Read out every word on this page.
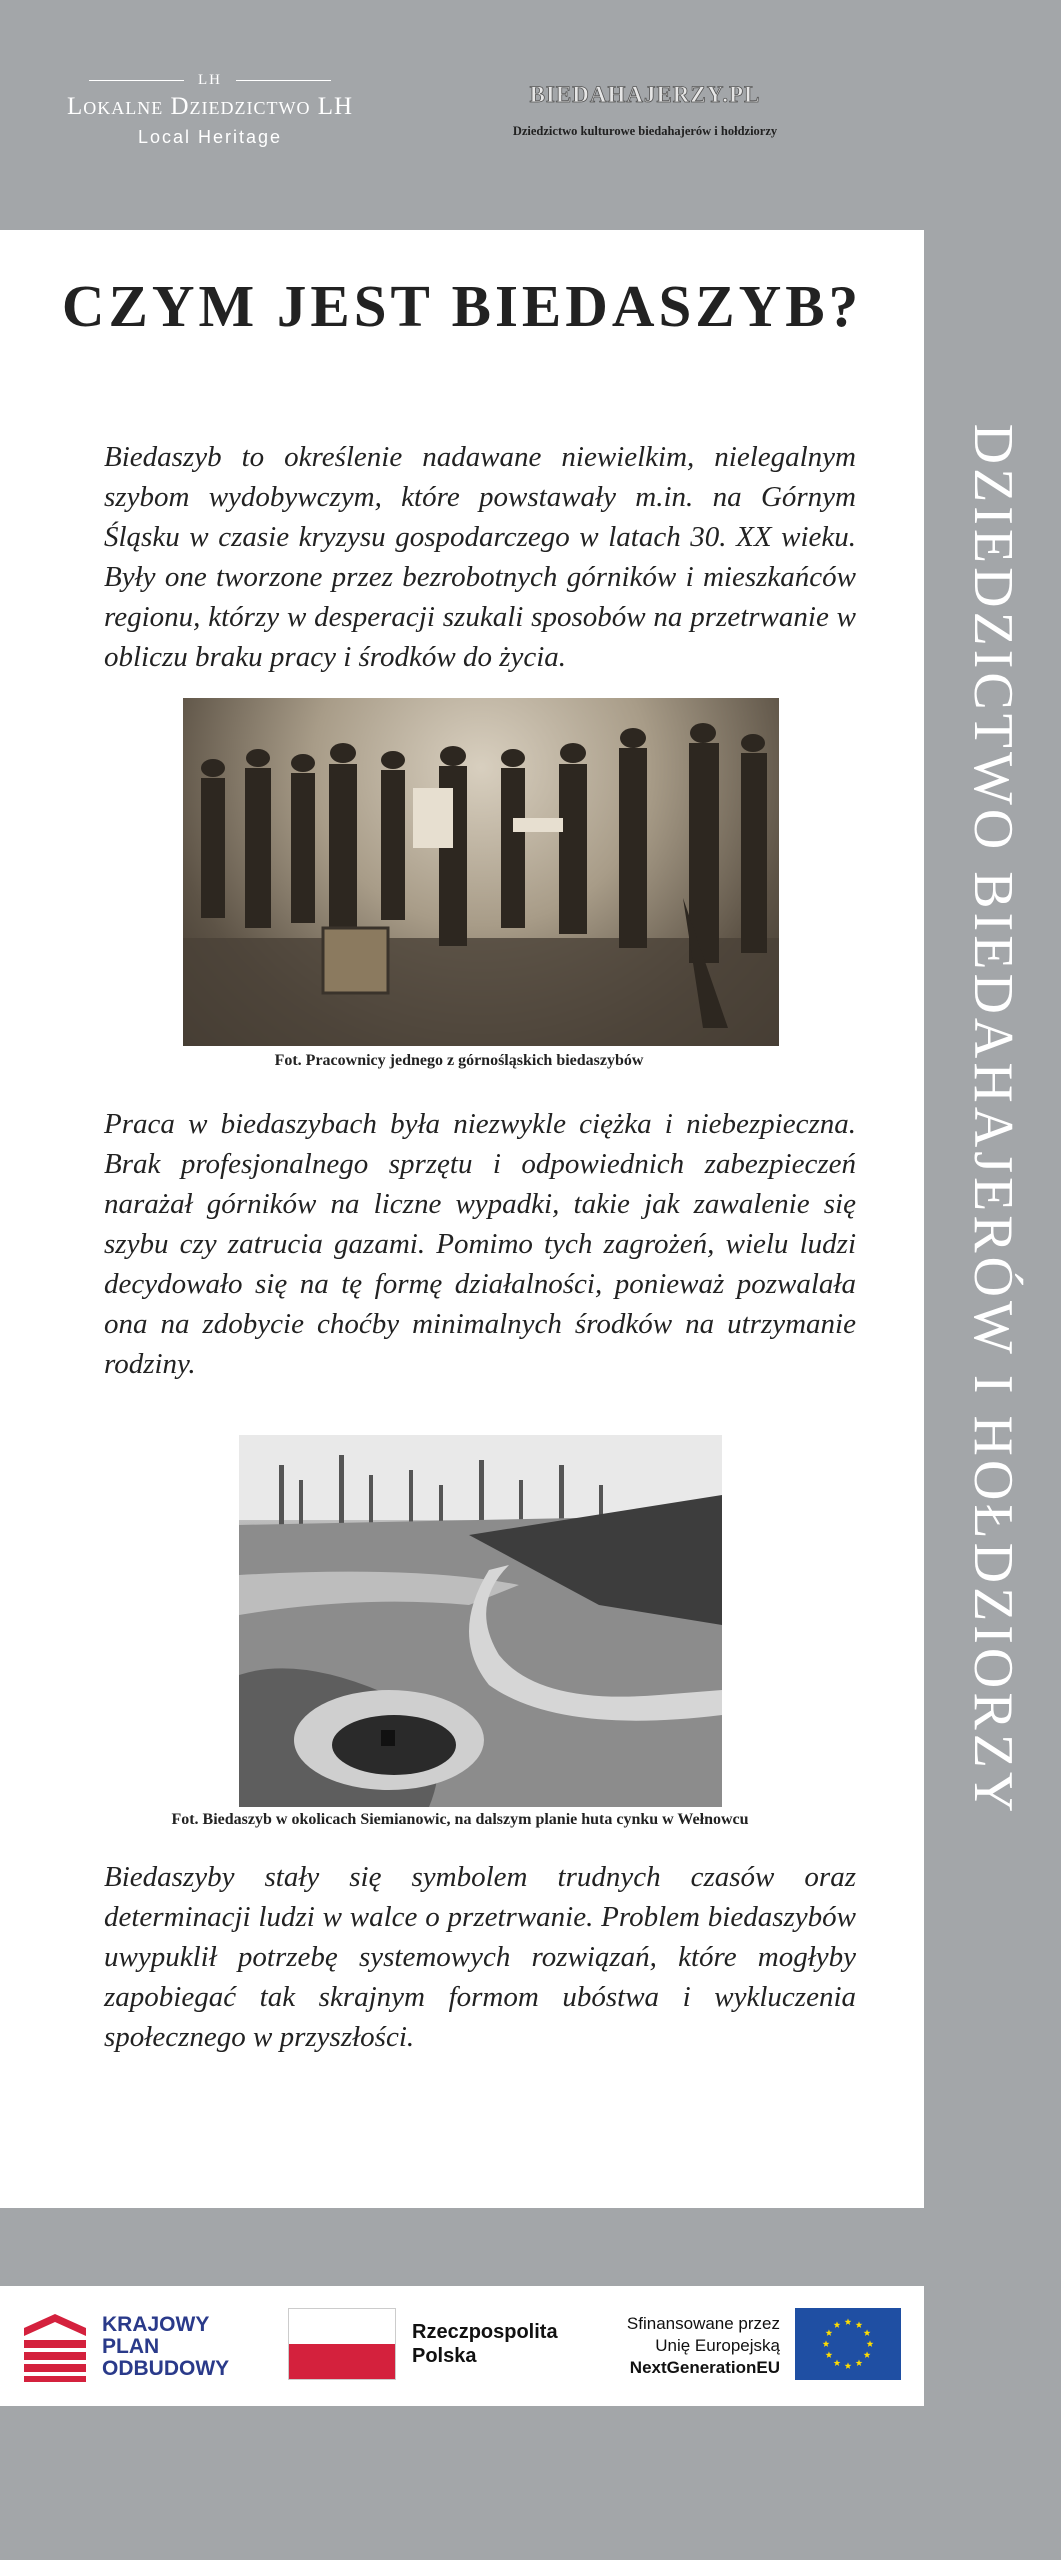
LH
Lokalne Dziedzictwo LH
Local Heritage
BIEDAHAJERZY.PL
Dziedzictwo kulturowe biedahajerów i hołdziorzy
CZYM JEST BIEDASZYB?

Biedaszyb to określenie nadawane niewielkim, nielegalnym szybom wydobywczym, które powstawały m.in. na Górnym Śląsku w czasie kryzysu gospodarczego w latach 30. XX wieku. Były one tworzone przez bezrobotnych górników i mieszkańców regionu, którzy w desperacji szukali sposobów na przetrwanie w obliczu braku pracy i środków do życia.

Fot. Pracownicy jednego z górnośląskich biedaszybów

Praca w biedaszybach była niezwykle ciężka i niebezpieczna. Brak profesjonalnego sprzętu i odpowiednich zabezpieczeń narażał górników na liczne wypadki, takie jak zawalenie się szybu czy zatrucia gazami. Pomimo tych zagrożeń, wielu ludzi decydowało się na tę formę działalności, ponieważ pozwalała ona na zdobycie choćby minimalnych środków na utrzymanie rodziny.

Fot. Biedaszyb w okolicach Siemianowic, na dalszym planie huta cynku w Wełnowcu

Biedaszyby stały się symbolem trudnych czasów oraz determinacji ludzi w walce o przetrwanie. Problem biedaszybów uwypuklił potrzebę systemowych rozwiązań, które mogłyby zapobiegać tak skrajnym formom ubóstwa i wykluczenia społecznego w przyszłości.

DZIEDZICTWO BIEDAHAJERÓW I HOŁDZIORZY
KRAJOWY
PLAN
ODBUDOWY
Rzeczpospolita
Polska
Sfinansowane przez
Unię Europejską
NextGenerationEU
